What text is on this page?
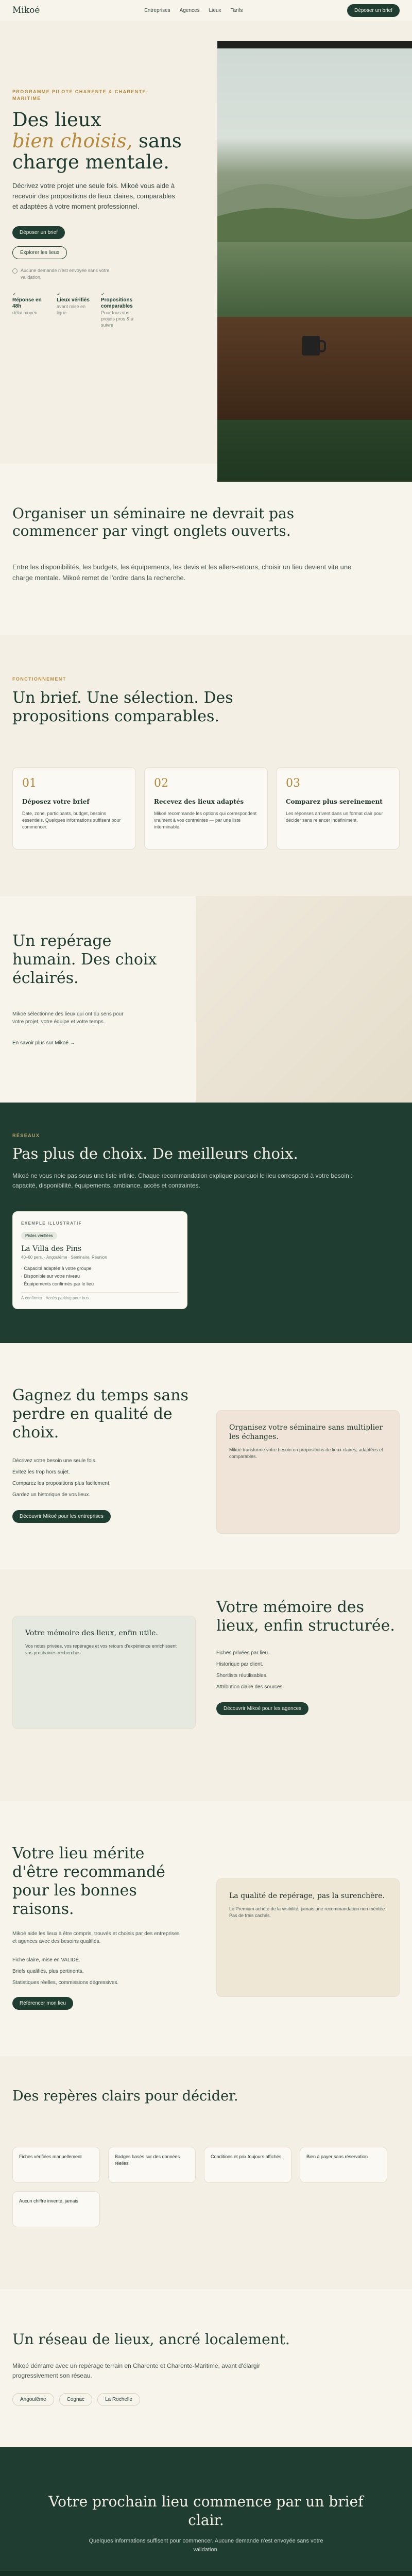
Mikoé	Entreprises Agences Lieux Tarifs	Déposer un brief
PROGRAMME PILOTE CHARENTE & CHARENTE-MARITIME
Des lieux
bien choisis, sans charge mentale.
Décrivez votre projet une seule fois. Mikoé vous aide à recevoir des propositions de lieux claires, comparables et adaptées à votre moment professionnel.
Déposer un brief
Explorer les lieux
Aucune demande n'est envoyée sans votre validation.
✓
Réponse en 48h
délai moyen
✓
Lieux vérifiés
avant mise en ligne
✓
Propositions comparables
Pour tous vos projets pros & à suivre
Organiser un séminaire ne devrait pas commencer par vingt onglets ouverts.
Entre les disponibilités, les budgets, les équipements, les devis et les allers-retours, choisir un lieu devient vite une charge mentale. Mikoé remet de l'ordre dans la recherche.
FONCTIONNEMENT
Un brief. Une sélection. Des propositions comparables.
01
Déposez votre brief
Date, zone, participants, budget, besoins essentiels. Quelques informations suffisent pour commencer.
02
Recevez des lieux adaptés
Mikoé recommande les options qui correspondent vraiment à vos contraintes — par une liste interminable.
03
Comparez plus sereinement
Les réponses arrivent dans un format clair pour décider sans relancer indéfiniment.
Un repérage humain. Des choix éclairés.
Mikoé sélectionne des lieux qui ont du sens pour votre projet, votre équipe et votre temps.
En savoir plus sur Mikoé →
RÉSEAUX
Pas plus de choix. De meilleurs choix.
Mikoé ne vous noie pas sous une liste infinie. Chaque recommandation explique pourquoi le lieu correspond à votre besoin : capacité, disponibilité, équipements, ambiance, accès et contraintes.
EXEMPLE ILLUSTRATIF
Pistes vérifiées
La Villa des Pins
40–60 pers. · Angoulême · Séminaire, Réunion
· Capacité adaptée à votre groupe
· Disponible sur votre niveau
· Équipements confirmés par le lieu
À confirmer · Accès parking pour bus
Gagnez du temps sans perdre en qualité de choix.
Décrivez votre besoin une seule fois.
Évitez les trop hors sujet.
Comparez les propositions plus facilement.
Gardez un historique de vos lieux.
Découvrir Mikoé pour les entreprises
Organisez votre séminaire sans multiplier les échanges.
Mikoé transforme votre besoin en propositions de lieux claires, adaptées et comparables.
Votre mémoire des lieux, enfin utile.
Vos notes privées, vos repérages et vos retours d'expérience enrichissent vos prochaines recherches.
Votre mémoire des lieux, enfin structurée.
Fiches privées par lieu.
Historique par client.
Shortlists réutilisables.
Attribution claire des sources.
Découvrir Mikoé pour les agences
Votre lieu mérite d'être recommandé pour les bonnes raisons.
Mikoé aide les lieux à être compris, trouvés et choisis par des entreprises et agences avec des besoins qualifiés.
Fiche claire, mise en VALIDÉ.
Briefs qualifiés, plus pertinents.
Statistiques réelles, commissions dégressives.
Référencer mon lieu
La qualité de repérage, pas la surenchère.
Le Premium achète de la visibilité, jamais une recommandation non méritée. Pas de frais cachés.
Des repères clairs pour décider.
Fiches vérifiées manuellement	Badges basés sur des données réelles
Conditions et prix toujours affichés	Bien à payer sans réservation
Aucun chiffre inventé, jamais
Un réseau de lieux, ancré localement.
Mikoé démarre avec un repérage terrain en Charente et Charente-Maritime, avant d'élargir progressivement son réseau.
Angoulême	Cognac	La Rochelle
Votre prochain lieu commence par un brief clair.
Quelques informations suffisent pour commencer. Aucune demande n'est envoyée sans votre validation.
